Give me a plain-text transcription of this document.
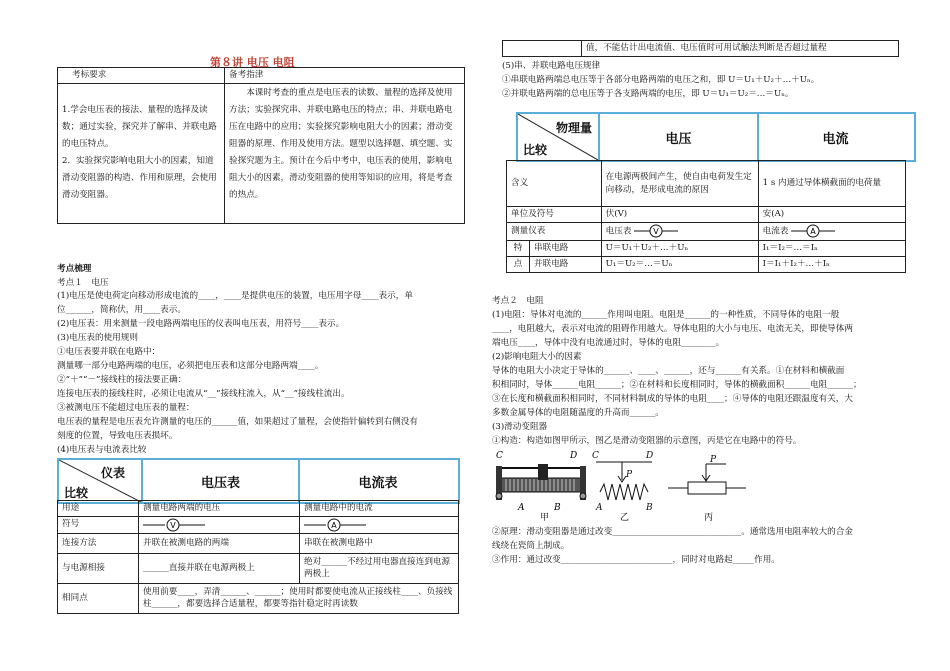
第８讲 电压 电阻
考标要求	备考指津
1.学会电压表的接法、量程的选择及读数；通过实验，探究并了解串、并联电路的电压特点。
2．实验探究影响电阻大小的因素，知道滑动变阻器的构造、作用和原理，会使用滑动变阻器。	本课时考查的重点是电压表的读数、量程的选择及使用方法；实验探究串、并联电路电压的特点；串、并联电路电压在电路中的应用；实验探究影响电阻大小的因素；滑动变阻器的原理、作用及使用方法。题型以选择题、填空题、实验探究题为主。预计在今后中考中，电压表的使用，影响电阻大小的因素，滑动变阻器的使用等知识的应用，将是考查的热点。
考点梳理
考点１　电压
(1)电压是使电荷定向移动形成电流的____，____是提供电压的装置，电压用字母____表示，单
位______，简称伏，用____表示。
(2)电压表：用来测量一段电路两端电压的仪表叫电压表，用符号____表示。
(3)电压表的使用规则
①电压表要并联在电路中：
测量哪一部分电路两端的电压，必须把电压表和这部分电路两端____。
②“＋”“－”接线柱的接法要正确：
连接电压表的接线柱时，必须让电流从“__”接线柱流入，从“__”接线柱流出。
③被测电压不能超过电压表的量程：
电压表的量程是电压表允许测量的电压的______值，如果超过了量程，会使指针偏转到右侧没有
刻度的位置，导致电压表损坏。
(4)电压表与电流表比较
仪表
比较
电压表	电流表
用途	测量电路两端的电压	测量电路中的电流
符号	V	A

连接方法	并联在被测电路的两端	串联在被测电路中
与电源相接	______直接并联在电源两极上	绝对______不经过用电器直接连到电源两极上
相同点	使用前要____，弄清______、______；使用时都要使电流从正接线柱____、负接线柱______，都要选择合适量程，都要等指针稳定时再读数	
	值，不能估计出电流值、电压值时可用试触法判断是否超过量程
(5)串、并联电路电压规律
①串联电路两端总电压等于各部分电路两端的电压之和，即 U＝U₁＋U₂＋…＋Uₙ。
②并联电路两端的总电压等于各支路两端的电压，即 U＝U₁＝U₂＝…＝Uₙ。
物理量
比较
电压	电流
含义		在电源两极间产生，使自由电荷发生定向移动，是形成电流的原因	1 s 内通过导体横截面的电荷量
单位及符号		伏(V)	安(A)
测量仪表		电压表 V	电流表 A

特	串联电路	U＝U₁＋U₂＋…＋Uₙ	I₁＝I₂＝…＝Iₙ
点	并联电路	U₁＝U₂＝…＝Uₙ	I＝I₁＋I₂＋…＋Iₙ
考点２　电阻
(1)电阻：导体对电流的______作用叫电阻。电阻是______的一种性质，不同导体的电阻一般
____，电阻越大，表示对电流的阻碍作用越大。导体电阻的大小与电压、电流无关，即使导体两
端电压____，导体中没有电流通过时，导体的电阻________。
(2)影响电阻大小的因素
导体的电阻大小决定于导体的______、____、______，还与______有关系。①在材料和横截面
积相同时，导体______电阻______；②在材料和长度相同时，导体的横截面积______电阻______；
③在长度和横截面积相同时，不同材料制成的导体的电阻____；④导体的电阻还跟温度有关，大
多数金属导体的电阻随温度的升高而______。
(3)滑动变阻器
①构造：构造如图甲所示，图乙是滑动变阻器的示意图，丙是它在电路中的符号。
C	D
A	B
C	D
P
A	B
P
甲	乙	丙
②原理：滑动变阻器是通过改变______________________________。通常选用电阻率较大的合金
线绕在瓷筒上制成。
③作用：通过改变__________________________，同时对电路起_____作用。
